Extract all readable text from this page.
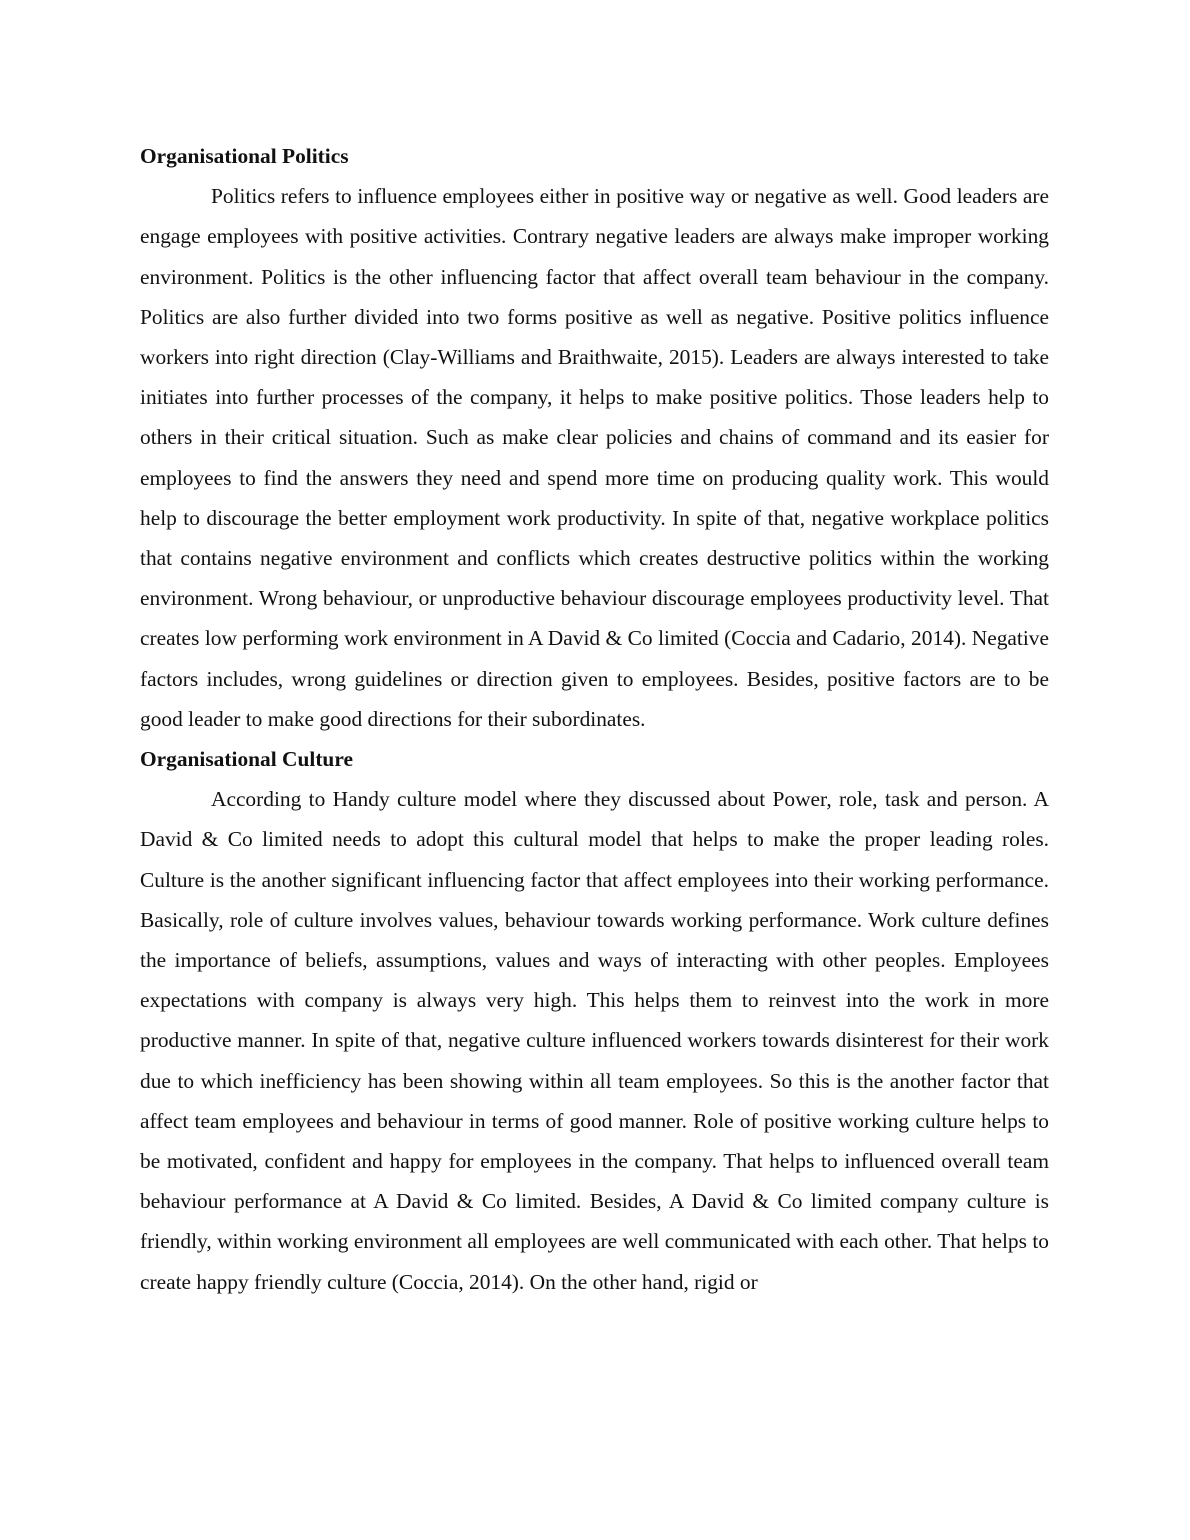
Organisational Politics

Politics refers to influence employees either in positive way or negative as well. Good leaders are engage employees with positive activities. Contrary negative leaders are always make improper working environment. Politics is the other influencing factor that affect overall team behaviour in the company. Politics are also further divided into two forms positive as well as negative. Positive politics influence workers into right direction (Clay-Williams and Braithwaite, 2015). Leaders are always interested to take initiates into further processes of the company, it helps to make positive politics. Those leaders help to others in their critical situation. Such as make clear policies and chains of command and its easier for employees to find the answers they need and spend more time on producing quality work. This would help to discourage the better employment work productivity. In spite of that, negative workplace politics that contains negative environment and conflicts which creates destructive politics within the working environment. Wrong behaviour, or unproductive behaviour discourage employees productivity level. That creates low performing work environment in A David & Co limited (Coccia and Cadario, 2014). Negative factors includes, wrong guidelines or direction given to employees. Besides, positive factors are to be good leader to make good directions for their subordinates.

Organisational Culture

According to Handy culture model where they discussed about Power, role, task and person. A David & Co limited needs to adopt this cultural model that helps to make the proper leading roles. Culture is the another significant influencing factor that affect employees into their working performance. Basically, role of culture involves values, behaviour towards working performance. Work culture defines the importance of beliefs, assumptions, values and ways of interacting with other peoples. Employees expectations with company is always very high. This helps them to reinvest into the work in more productive manner. In spite of that, negative culture influenced workers towards disinterest for their work due to which inefficiency has been showing within all team employees. So this is the another factor that affect team employees and behaviour in terms of good manner. Role of positive working culture helps to be motivated, confident and happy for employees in the company. That helps to influenced overall team behaviour performance at A David & Co limited. Besides, A David & Co limited company culture is friendly, within working environment all employees are well communicated with each other. That helps to create happy friendly culture (Coccia, 2014). On the other hand, rigid or
